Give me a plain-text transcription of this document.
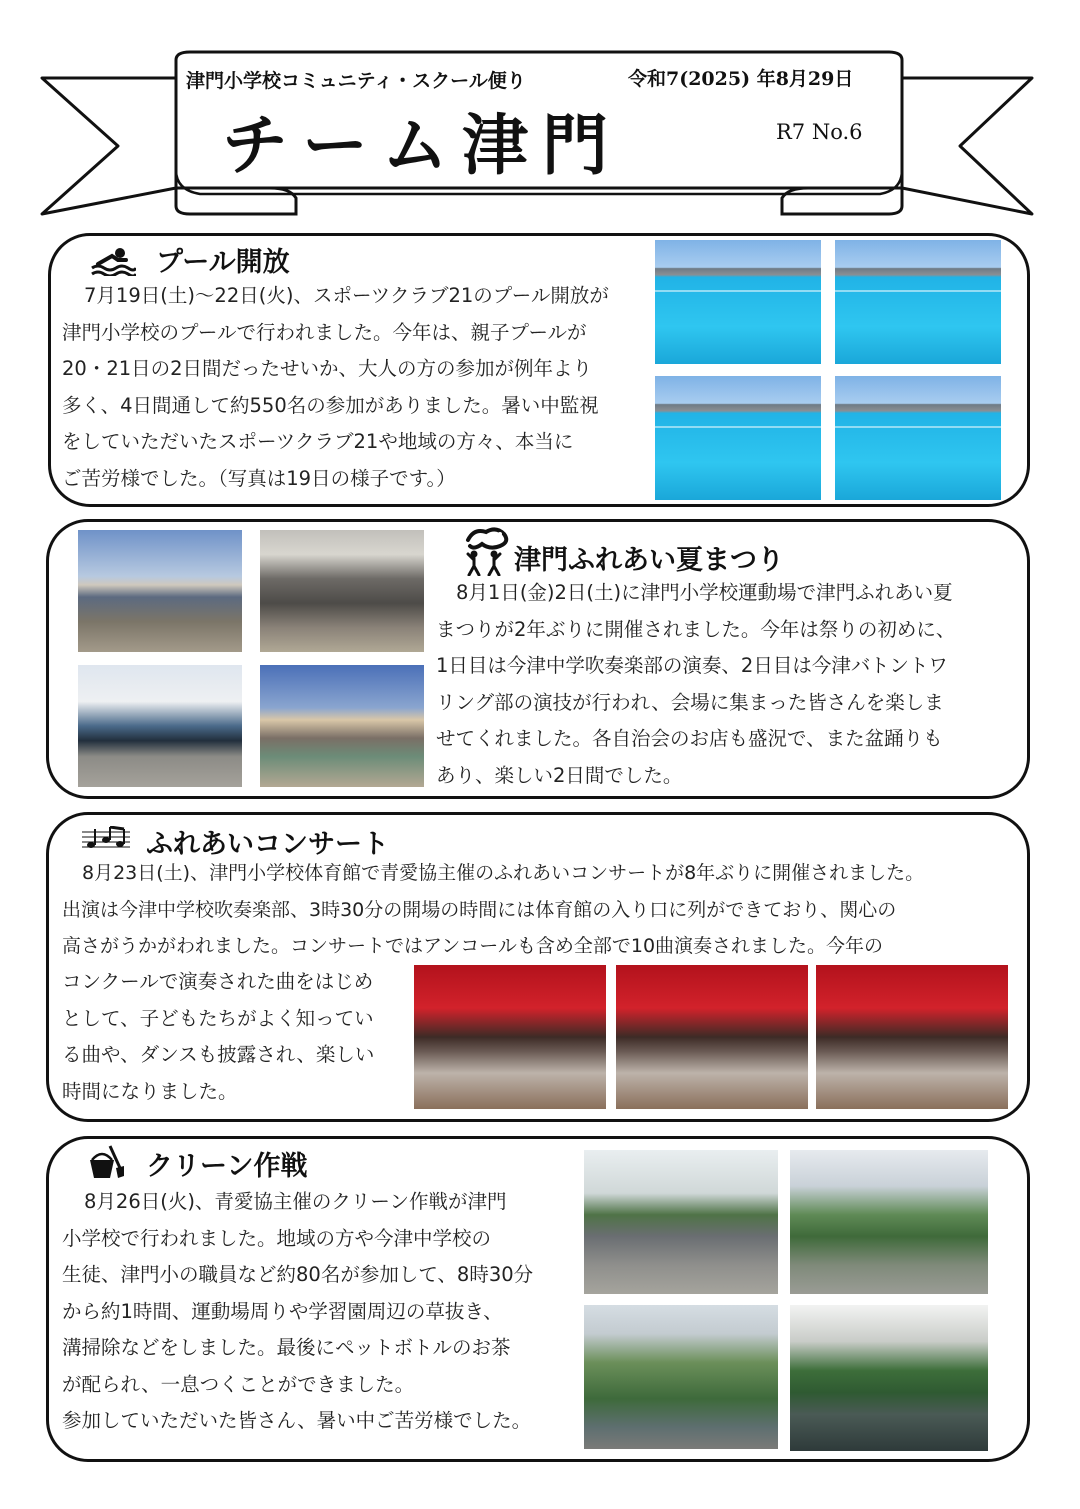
津門小学校コミュニティ・スクール便り	令和7(2025) 年8月29日
チーム津門	R7 No.6
プール開放
7月19日(土)〜22日(火)、スポーツクラブ21のプール開放が
津門小学校のプールで行われました。今年は、親子プールが
20・21日の2日間だったせいか、大人の方の参加が例年より
多く、4日間通して約550名の参加がありました。暑い中監視
をしていただいたスポーツクラブ21や地域の方々、本当に
ご苦労様でした。（写真は19日の様子です。）
津門ふれあい夏まつり
8月1日(金)2日(土)に津門小学校運動場で津門ふれあい夏
まつりが2年ぶりに開催されました。今年は祭りの初めに、
1日目は今津中学吹奏楽部の演奏、2日目は今津バトントワ
リング部の演技が行われ、会場に集まった皆さんを楽しま
せてくれました。各自治会のお店も盛況で、また盆踊りも
あり、楽しい2日間でした。
ふれあいコンサート
8月23日(土)、津門小学校体育館で青愛協主催のふれあいコンサートが8年ぶりに開催されました。
出演は今津中学校吹奏楽部、3時30分の開場の時間には体育館の入り口に列ができており、関心の
高さがうかがわれました。コンサートではアンコールも含め全部で10曲演奏されました。今年の
コンクールで演奏された曲をはじめ
として、子どもたちがよく知ってい
る曲や、ダンスも披露され、楽しい
時間になりました。
クリーン作戦
8月26日(火)、青愛協主催のクリーン作戦が津門
小学校で行われました。地域の方や今津中学校の
生徒、津門小の職員など約80名が参加して、8時30分
から約1時間、運動場周りや学習園周辺の草抜き、
溝掃除などをしました。最後にペットボトルのお茶
が配られ、一息つくことができました。
参加していただいた皆さん、暑い中ご苦労様でした。
